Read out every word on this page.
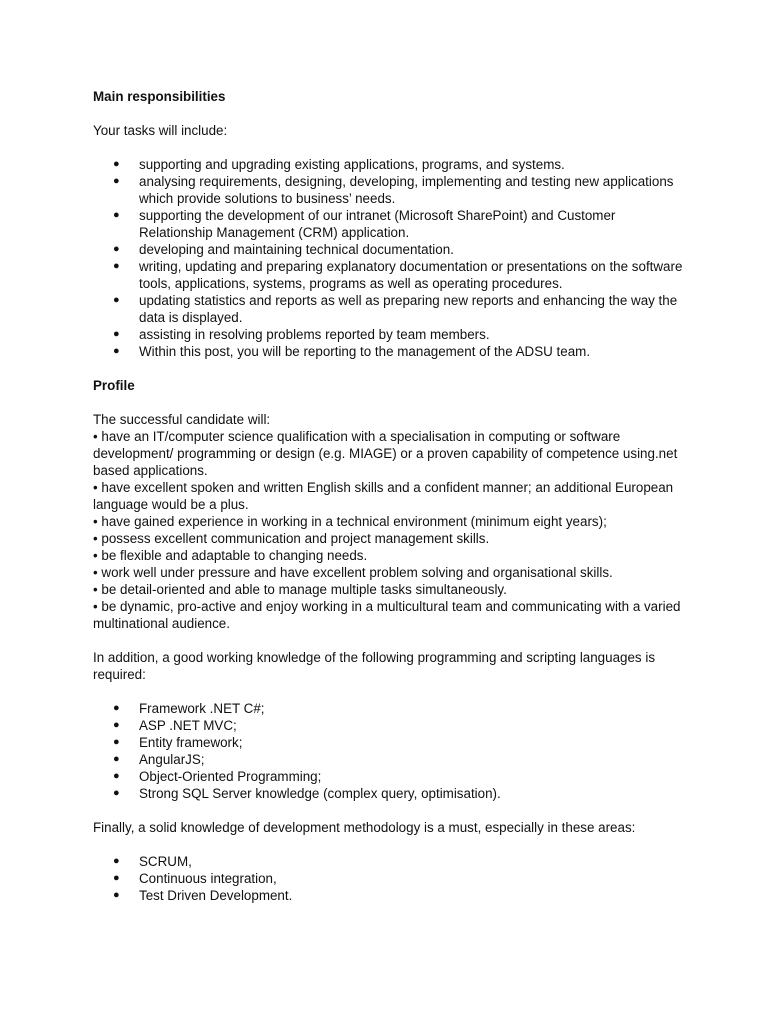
Main responsibilities

Your tasks will include:

● supporting and upgrading existing applications, programs, and systems.
● analysing requirements, designing, developing, implementing and testing new applications which provide solutions to business’ needs.
● supporting the development of our intranet (Microsoft SharePoint) and Customer Relationship Management (CRM) application.
● developing and maintaining technical documentation.
● writing, updating and preparing explanatory documentation or presentations on the software tools, applications, systems, programs as well as operating procedures.
● updating statistics and reports as well as preparing new reports and enhancing the way the data is displayed.
● assisting in resolving problems reported by team members.
● Within this post, you will be reporting to the management of the ADSU team.
Profile

The successful candidate will:

• have an IT/computer science qualification with a specialisation in computing or software development/ programming or design (e.g. MIAGE) or a proven capability of competence using.net based applications.

• have excellent spoken and written English skills and a confident manner; an additional European language would be a plus.

• have gained experience in working in a technical environment (minimum eight years);

• possess excellent communication and project management skills.

• be flexible and adaptable to changing needs.

• work well under pressure and have excellent problem solving and organisational skills.

• be detail-oriented and able to manage multiple tasks simultaneously.

• be dynamic, pro-active and enjoy working in a multicultural team and communicating with a varied multinational audience.

In addition, a good working knowledge of the following programming and scripting languages is required:

● Framework .NET C#;
● ASP .NET MVC;
● Entity framework;
● AngularJS;
● Object-Oriented Programming;
● Strong SQL Server knowledge (complex query, optimisation).

Finally, a solid knowledge of development methodology is a must, especially in these areas:

● SCRUM,
● Continuous integration,
● Test Driven Development.
